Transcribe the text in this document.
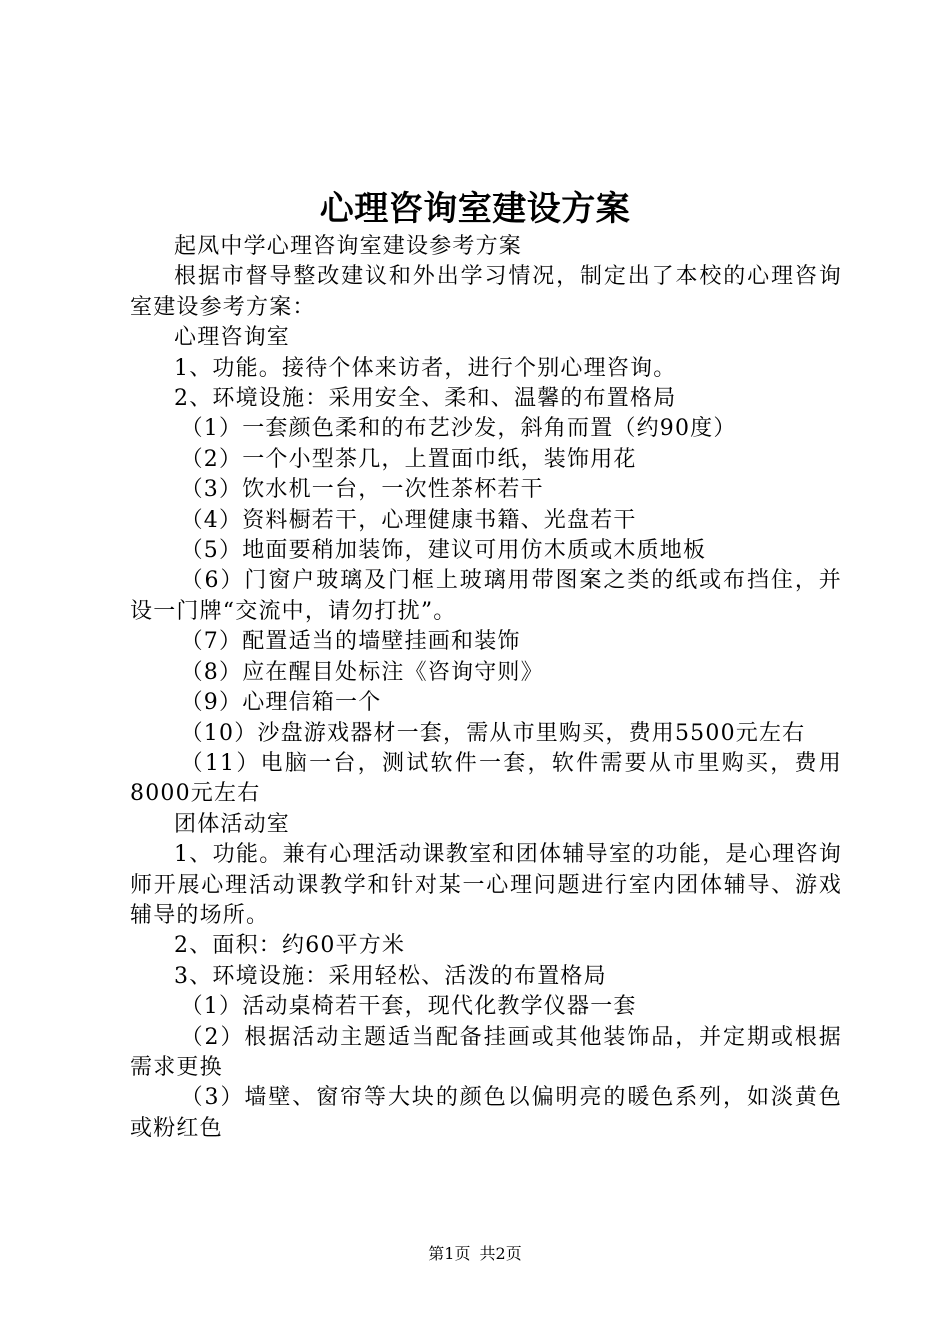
心理咨询室建设方案

起凤中学心理咨询室建设参考方案

根据市督导整改建议和外出学习情况，制定出了本校的心理咨询室建设参考方案：

心理咨询室

1、功能。接待个体来访者，进行个别心理咨询。

2、环境设施：采用安全、柔和、温馨的布置格局

（1）一套颜色柔和的布艺沙发，斜角而置（约90度）

（2）一个小型茶几，上置面巾纸，装饰用花

（3）饮水机一台，一次性茶杯若干

（4）资料橱若干，心理健康书籍、光盘若干

（5）地面要稍加装饰，建议可用仿木质或木质地板

（6）门窗户玻璃及门框上玻璃用带图案之类的纸或布挡住，并设一门牌“交流中，请勿打扰”。

（7）配置适当的墙壁挂画和装饰

（8）应在醒目处标注《咨询守则》

（9）心理信箱一个

（10）沙盘游戏器材一套，需从市里购买，费用5500元左右

（11）电脑一台，测试软件一套，软件需要从市里购买，费用8000元左右

团体活动室

1、功能。兼有心理活动课教室和团体辅导室的功能，是心理咨询师开展心理活动课教学和针对某一心理问题进行室内团体辅导、游戏辅导的场所。

2、面积：约60平方米

3、环境设施：采用轻松、活泼的布置格局

（1）活动桌椅若干套，现代化教学仪器一套

（2）根据活动主题适当配备挂画或其他装饰品，并定期或根据需求更换

（3）墙壁、窗帘等大块的颜色以偏明亮的暖色系列，如淡黄色或粉红色

第1页 共2页
